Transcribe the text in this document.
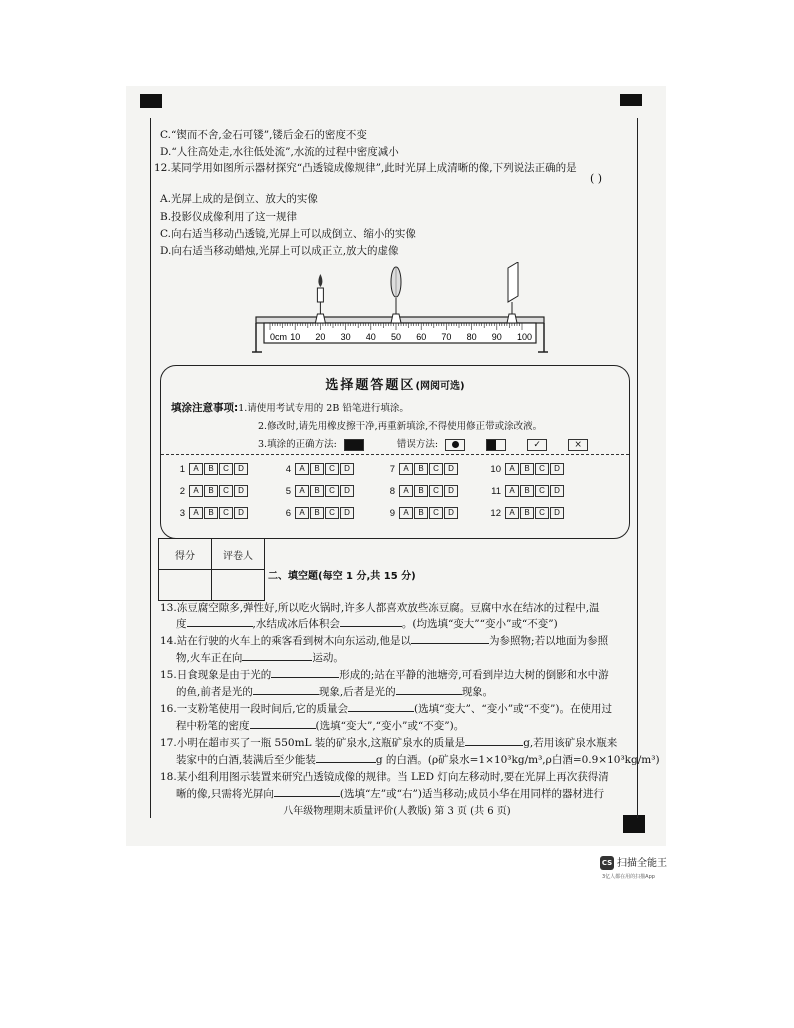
C.“锲而不舍,金石可镂”,镂后金石的密度不变
D.“人往高处走,水往低处流”,水流的过程中密度减小
12.某同学用如图所示器材探究“凸透镜成像规律”,此时光屏上成清晰的像,下列说法正确的是
( )
A.光屏上成的是倒立、放大的实像
B.投影仪成像利用了这一规律
C.向右适当移动凸透镜,光屏上可以成倒立、缩小的实像
D.向右适当移动蜡烛,光屏上可以成正立,放大的虚像
0cm 10 20 30 40 50 60 70 80 90 100
选择题答题区(网阅可选)
填涂注意事项:1.请使用考试专用的 2B 铅笔进行填涂。
2.修改时,请先用橡皮擦干净,再重新填涂,不得使用修正带或涂改液。
3.填涂的正确方法:	错误方法:	✓	×
1	A	B	C	D
2	A	B	C	D
3	A	B	C	D
4	A	B	C	D
5	A	B	C	D
6	A	B	C	D
7	A	B	C	D
8	A	B	C	D
9	A	B	C	D
10	A	B	C	D
11	A	B	C	D
12	A	B	C	D
得分	评卷人

二、填空题(每空 1 分,共 15 分)
13.冻豆腐空隙多,弹性好,所以吃火锅时,许多人都喜欢放些冻豆腐。豆腐中水在结冰的过程中,温
度	,水结成冰后体积会	。(均选填“变大”“变小”或“不变”)
14.站在行驶的火车上的乘客看到树木向东运动,他是以	为参照物;若以地面为参照
物,火车正在向	运动。
15.日食现象是由于光的	形成的;站在平静的池塘旁,可看到岸边大树的倒影和水中游
的鱼,前者是光的	现象,后者是光的	现象。
16.一支粉笔使用一段时间后,它的质量会	(选填“变大”、“变小”或“不变”)。在使用过
程中粉笔的密度	(选填“变大”,“变小”或“不变”)。
17.小明在超市买了一瓶 550mL 装的矿泉水,这瓶矿泉水的质量是	g,若用该矿泉水瓶来
装家中的白酒,装满后至少能装	g 的白酒。(ρ矿泉水=1×10³kg/m³,ρ白酒=0.9×10³kg/m³)
18.某小组利用图示装置来研究凸透镜成像的规律。当 LED 灯向左移动时,要在光屏上再次获得清
晰的像,只需将光屏向	(选填“左”或“右”)适当移动;成员小华在用同样的器材进行
八年级物理期末质量评价(人教版) 第 3 页 (共 6 页)
CS 扫描全能王
3亿人都在用的扫描App
